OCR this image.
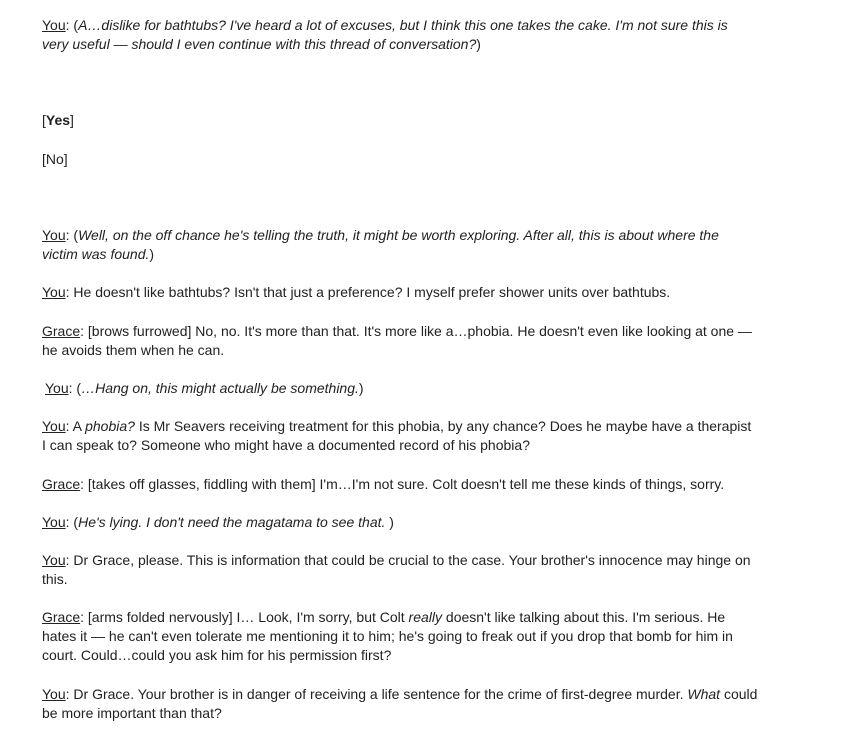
You: (A…dislike for bathtubs? I've heard a lot of excuses, but I think this one takes the cake. I'm not sure this is very useful — should I even continue with this thread of conversation?)

[Yes]

[No]

You: (Well, on the off chance he's telling the truth, it might be worth exploring. After all, this is about where the victim was found.)

You: He doesn't like bathtubs? Isn't that just a preference? I myself prefer shower units over bathtubs.

Grace: [brows furrowed] No, no. It's more than that. It's more like a…phobia. He doesn't even like looking at one — he avoids them when he can.

You: (…Hang on, this might actually be something.)

You: A phobia? Is Mr Seavers receiving treatment for this phobia, by any chance? Does he maybe have a therapist I can speak to? Someone who might have a documented record of his phobia?

Grace: [takes off glasses, fiddling with them] I'm…I'm not sure. Colt doesn't tell me these kinds of things, sorry.

You: (He's lying. I don't need the magatama to see that. )

You: Dr Grace, please. This is information that could be crucial to the case. Your brother's innocence may hinge on this.

Grace: [arms folded nervously] I… Look, I'm sorry, but Colt really doesn't like talking about this. I'm serious. He hates it — he can't even tolerate me mentioning it to him; he's going to freak out if you drop that bomb for him in court. Could…could you ask him for his permission first?

You: Dr Grace. Your brother is in danger of receiving a life sentence for the crime of first-degree murder. What could be more important than that?
